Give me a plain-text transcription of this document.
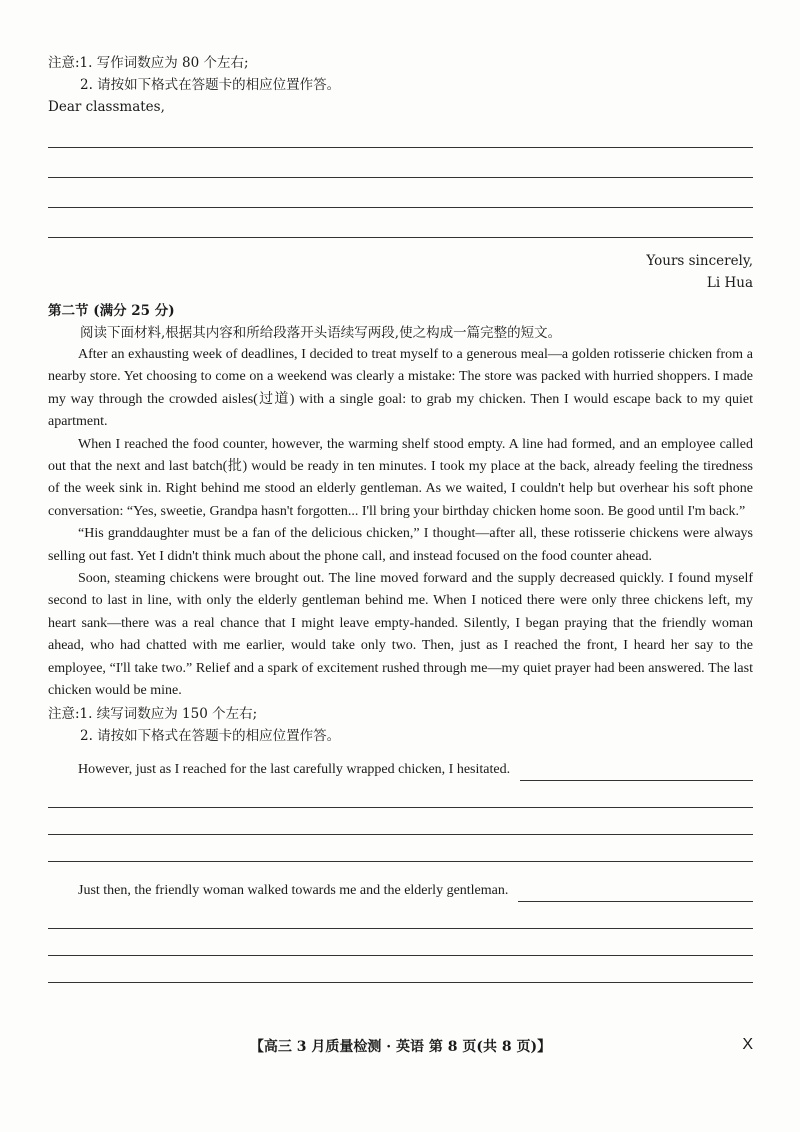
注意:1. 写作词数应为 80 个左右;
2. 请按如下格式在答题卡的相应位置作答。
Dear classmates,
Yours sincerely,
Li Hua
第二节 (满分 25 分)
阅读下面材料,根据其内容和所给段落开头语续写两段,使之构成一篇完整的短文。

After an exhausting week of deadlines, I decided to treat myself to a generous meal—a golden rotisserie chicken from a nearby store. Yet choosing to come on a weekend was clearly a mistake: The store was packed with hurried shoppers. I made my way through the crowded aisles(过道) with a single goal: to grab my chicken. Then I would escape back to my quiet apartment.

When I reached the food counter, however, the warming shelf stood empty. A line had formed, and an employee called out that the next and last batch(批) would be ready in ten minutes. I took my place at the back, already feeling the tiredness of the week sink in. Right behind me stood an elderly gentleman. As we waited, I couldn't help but overhear his soft phone conversation: “Yes, sweetie, Grandpa hasn't forgotten... I'll bring your birthday chicken home soon. Be good until I'm back.”

“His granddaughter must be a fan of the delicious chicken,” I thought—after all, these rotisserie chickens were always selling out fast. Yet I didn't think much about the phone call, and instead focused on the food counter ahead.

Soon, steaming chickens were brought out. The line moved forward and the supply decreased quickly. I found myself second to last in line, with only the elderly gentleman behind me. When I noticed there were only three chickens left, my heart sank—there was a real chance that I might leave empty-handed. Silently, I began praying that the friendly woman ahead, who had chatted with me earlier, would take only two. Then, just as I reached the front, I heard her say to the employee, “I'll take two.” Relief and a spark of excitement rushed through me—my quiet prayer had been answered. The last chicken would be mine.

注意:1. 续写词数应为 150 个左右;
2. 请按如下格式在答题卡的相应位置作答。
However, just as I reached for the last carefully wrapped chicken, I hesitated.
Just then, the friendly woman walked towards me and the elderly gentleman.
【高三 3 月质量检测 · 英语 第 8 页(共 8 页)】	X
